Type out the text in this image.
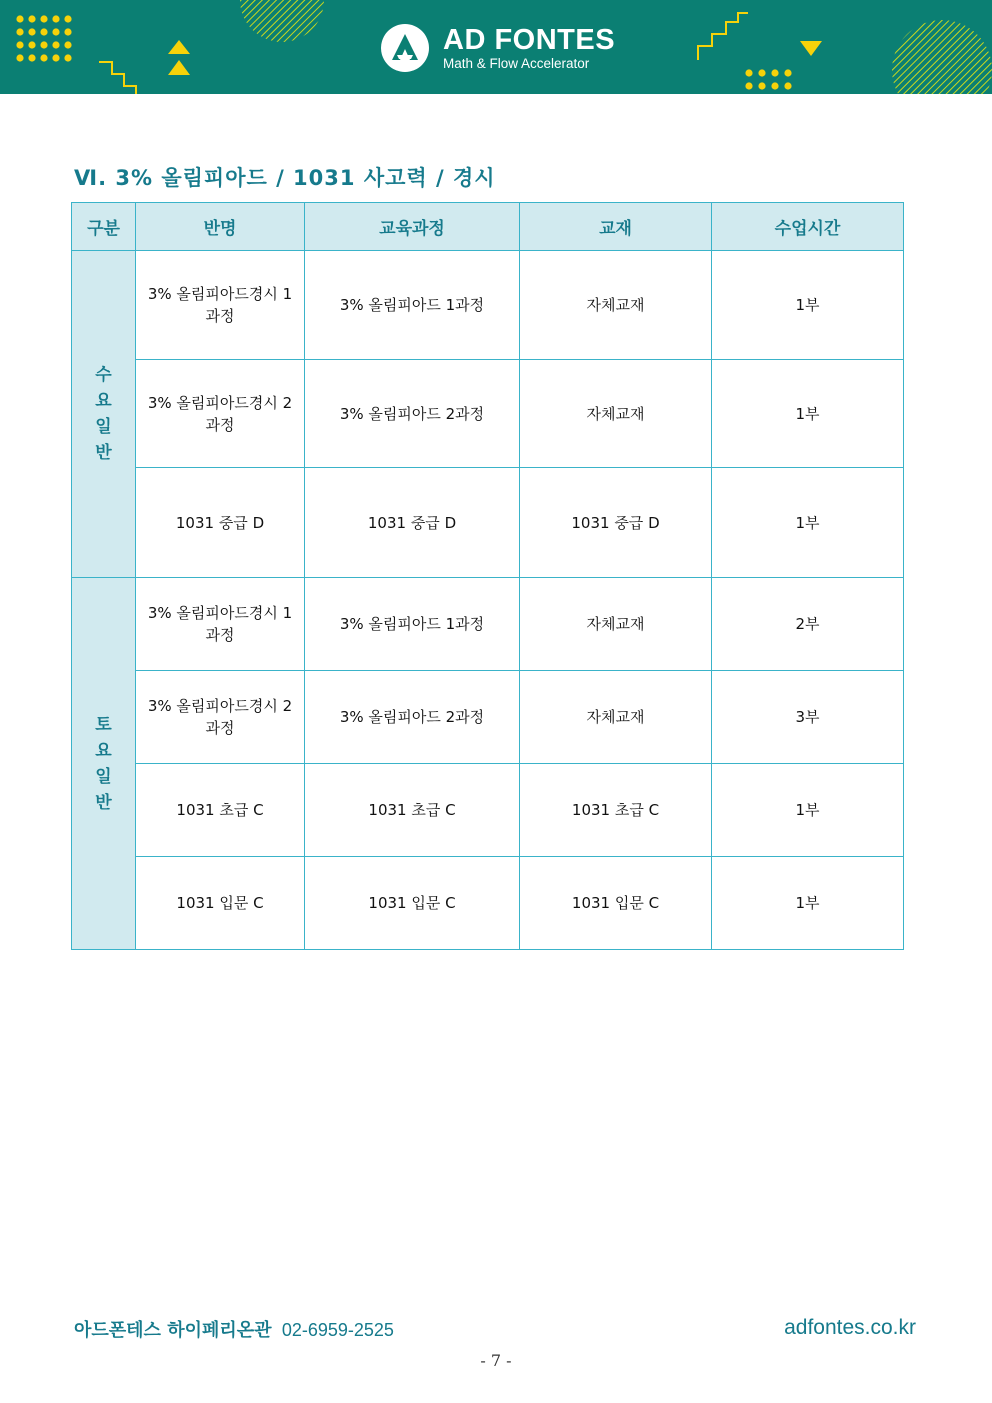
AD FONTES
Math & Flow Accelerator
Ⅵ. 3% 올림피아드 / 1031 사고력 / 경시
구분	반명	교육과정	교재	수업시간
수요일반	3% 올림피아드경시 1과정	3% 올림피아드 1과정	자체교재	1부
	3% 올림피아드경시 2과정	3% 올림피아드 2과정	자체교재	1부
	1031 중급 D	1031 중급 D	1031 중급 D	1부
토요일반	3% 올림피아드경시 1과정	3% 올림피아드 1과정	자체교재	2부
	3% 올림피아드경시 2과정	3% 올림피아드 2과정	자체교재	3부
	1031 초급 C	1031 초급 C	1031 초급 C	1부
	1031 입문 C	1031 입문 C	1031 입문 C	1부
아드폰테스 하이페리온관 02-6959-2525	adfontes.co.kr
- 7 -
